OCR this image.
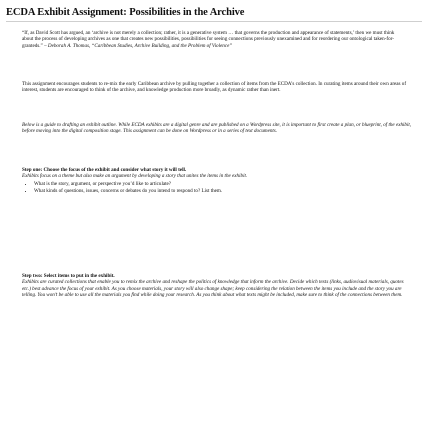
ECDA Exhibit Assignment: Possibilities in the Archive
“If, as David Scott has argued, an ‘archive is not merely a collection; rather, it is a generative system … that governs the production and appearance of statements,’ then we must think about the process of developing archives as one that creates new possibilities, possibilities for seeing connections previously unexamined and for reordering our ontological taken-for-granteds.” – Deborah A. Thomas, “Caribbean Studies, Archive Building, and the Problem of Violence”

This assignment encourages students to re-mix the early Caribbean archive by pulling together a collection of items from the ECDA’s collection. In curating items around their own areas of interest, students are encouraged to think of the archive, and knowledge production more broadly, as dynamic rather than inert.

Below is a guide to drafting an exhibit outline. While ECDA exhibits are a digital genre and are published on a Wordpress site, it is important to first create a plan, or blueprint, of the exhibit, before moving into the digital composition stage. This assignment can be done on Wordpress or in a series of text documents.

Step one: Choose the focus of the exhibit and consider what story it will tell.

Exhibits focus on a theme but also make an argument by developing a story that unites the items in the exhibit.

• What is the story, argument, or perspective you’d like to articulate?
• What kinds of questions, issues, concerns or debates do you intend to respond to? List them.

Step two: Select items to put in the exhibit.

Exhibits are curated collections that enable you to remix the archive and reshape the politics of knowledge that inform the archive. Decide which texts (links, audiovisual materials, quotes etc.) best advance the focus of your exhibit. As you choose materials, your story will also change shape; keep considering the relation between the items you include and the story you are telling. You won’t be able to use all the materials you find while doing your research. As you think about what texts might be included, make sure to think of the connections between them.
